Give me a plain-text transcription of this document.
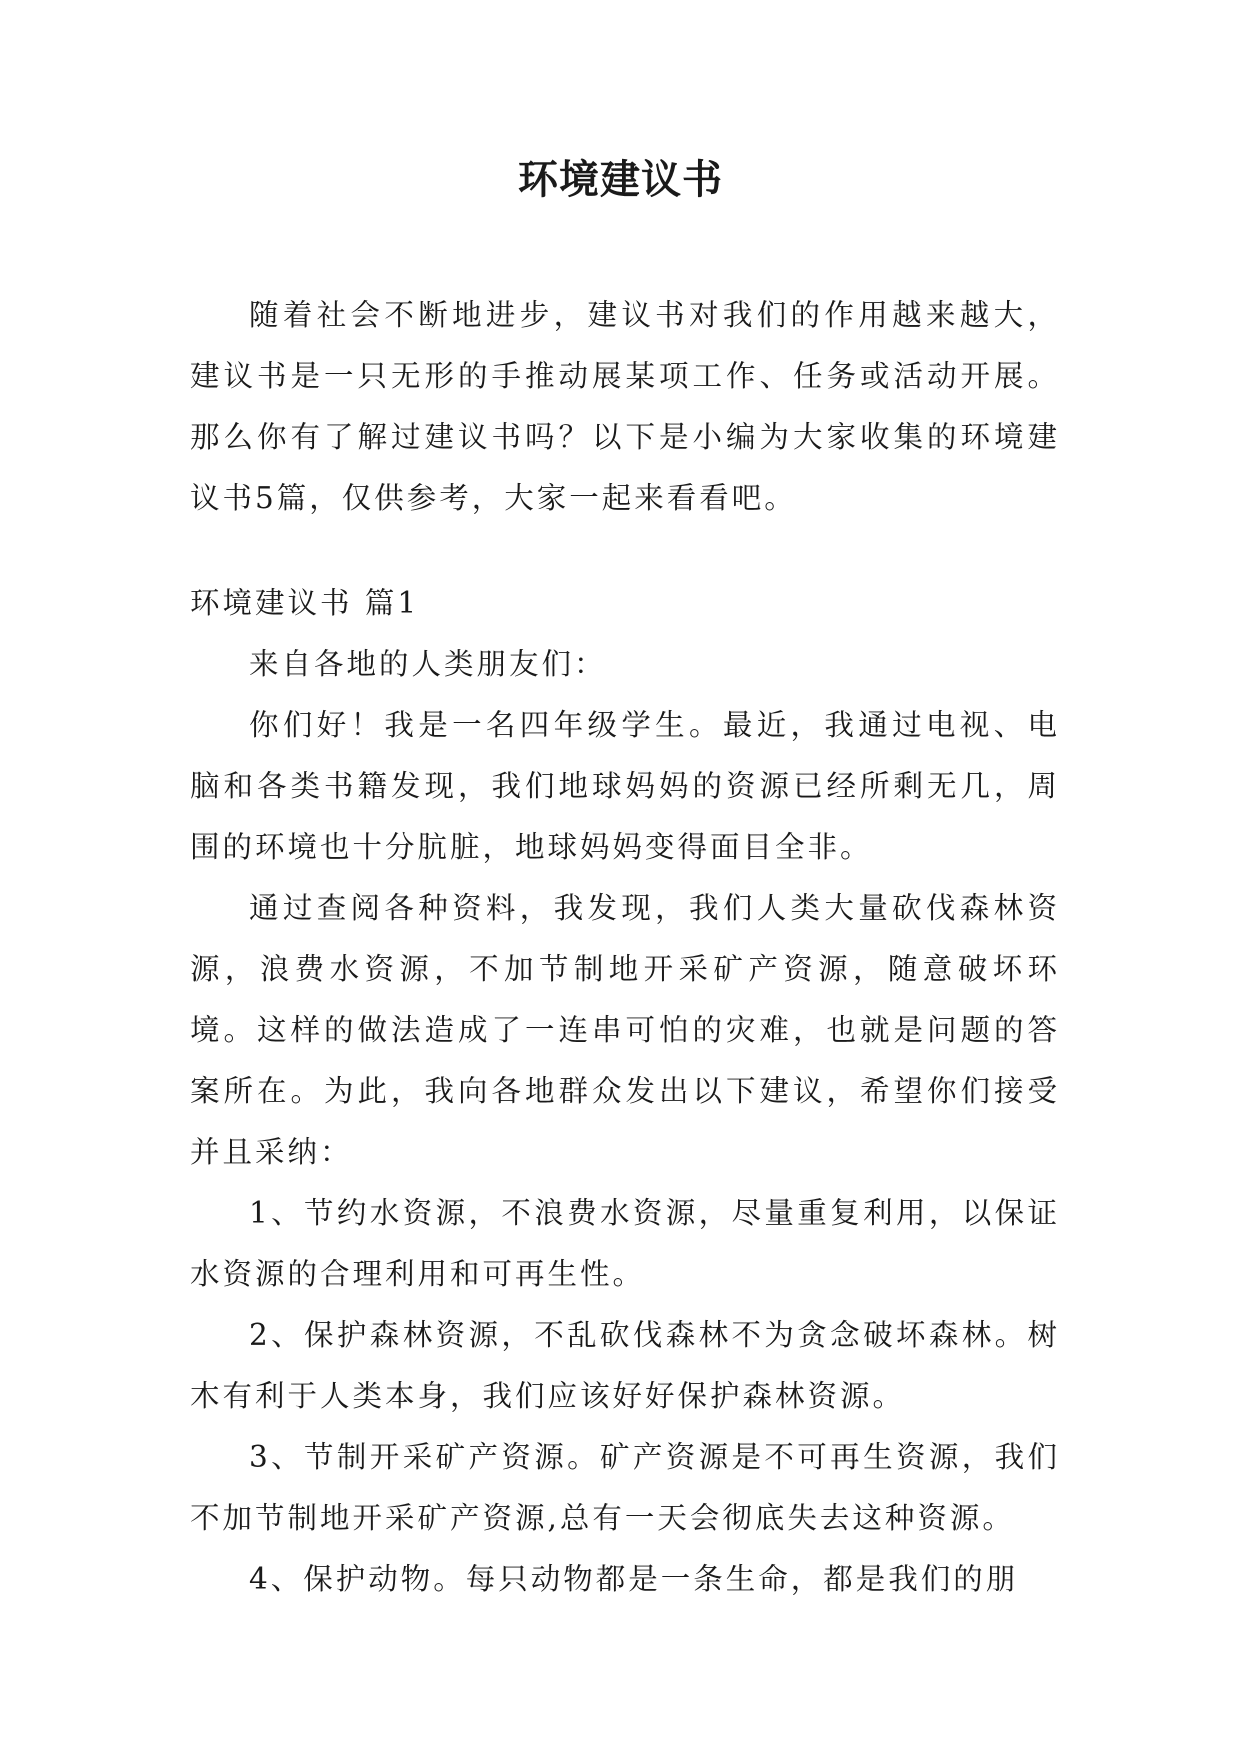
环境建议书

随着社会不断地进步，建议书对我们的作用越来越大，建议书是一只无形的手推动展某项工作、任务或活动开展。那么你有了解过建议书吗？以下是小编为大家收集的环境建议书5篇，仅供参考，大家一起来看看吧。

环境建议书 篇1

来自各地的人类朋友们：

你们好！我是一名四年级学生。最近，我通过电视、电脑和各类书籍发现，我们地球妈妈的资源已经所剩无几，周围的环境也十分肮脏，地球妈妈变得面目全非。

通过查阅各种资料，我发现，我们人类大量砍伐森林资源，浪费水资源，不加节制地开采矿产资源，随意破坏环境。这样的做法造成了一连串可怕的灾难，也就是问题的答案所在。为此，我向各地群众发出以下建议，希望你们接受并且采纳：

1、节约水资源，不浪费水资源，尽量重复利用，以保证水资源的合理利用和可再生性。

2、保护森林资源，不乱砍伐森林不为贪念破坏森林。树木有利于人类本身，我们应该好好保护森林资源。

3、节制开采矿产资源。矿产资源是不可再生资源，我们不加节制地开采矿产资源,总有一天会彻底失去这种资源。

4、保护动物。每只动物都是一条生命，都是我们的朋
